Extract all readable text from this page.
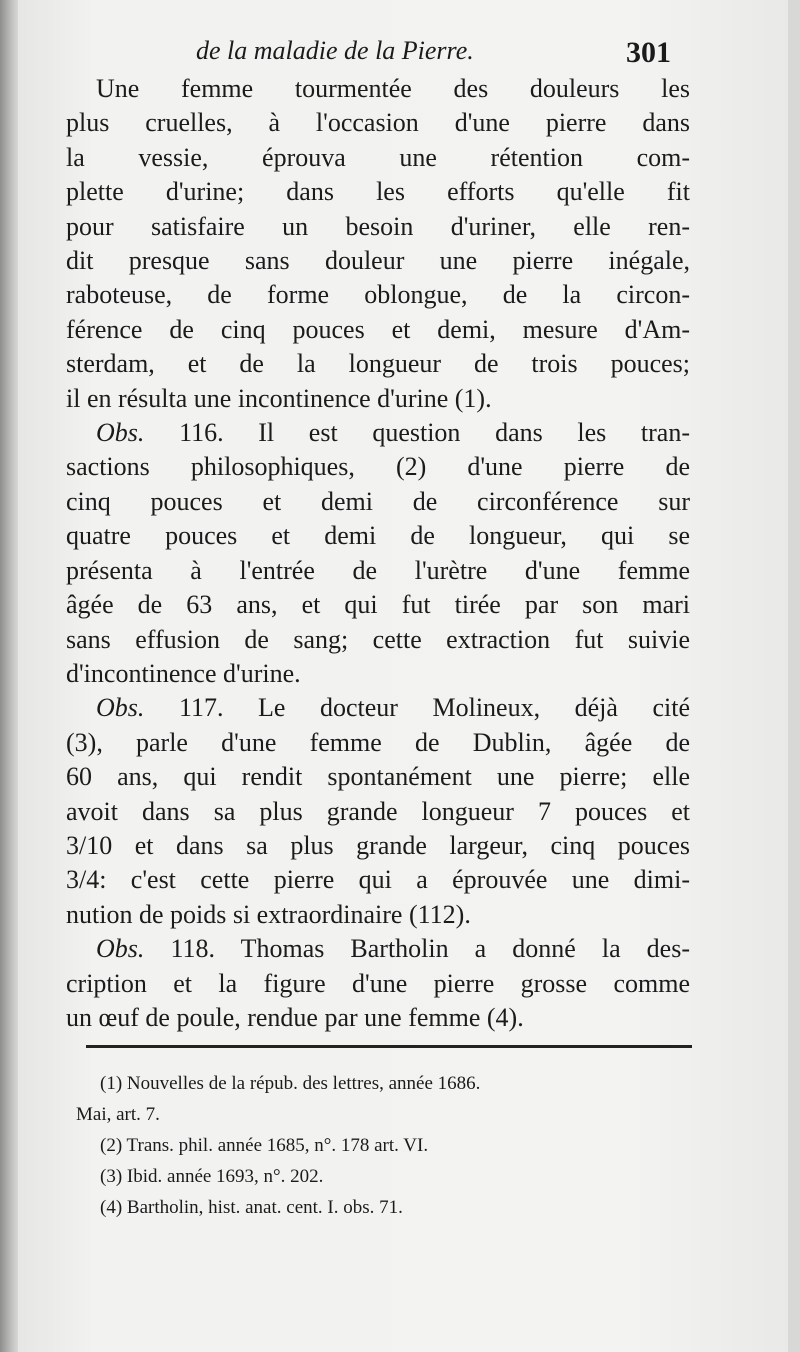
de la maladie de la Pierre.	301

Une femme tourmentée des douleurs les
plus cruelles, à l'occasion d'une pierre dans
la vessie, éprouva une rétention com-
plette d'urine; dans les efforts qu'elle fit
pour satisfaire un besoin d'uriner, elle ren-
dit presque sans douleur une pierre inégale,
raboteuse, de forme oblongue, de la circon-
férence de cinq pouces et demi, mesure d'Am-
sterdam, et de la longueur de trois pouces;
il en résulta une incontinence d'urine (1).

Obs. 116. Il est question dans les tran-
sactions philosophiques, (2) d'une pierre de
cinq pouces et demi de circonférence sur
quatre pouces et demi de longueur, qui se
présenta à l'entrée de l'urètre d'une femme
âgée de 63 ans, et qui fut tirée par son mari
sans effusion de sang; cette extraction fut suivie
d'incontinence d'urine.

Obs. 117. Le docteur Molineux, déjà cité
(3), parle d'une femme de Dublin, âgée de
60 ans, qui rendit spontanément une pierre; elle
avoit dans sa plus grande longueur 7 pouces et
3/10 et dans sa plus grande largeur, cinq pouces
3/4: c'est cette pierre qui a éprouvée une dimi-
nution de poids si extraordinaire (112).

Obs. 118. Thomas Bartholin a donné la des-
cription et la figure d'une pierre grosse comme
un œuf de poule, rendue par une femme (4).

(1) Nouvelles de la répub. des lettres, année 1686.
Mai, art. 7.
(2) Trans. phil. année 1685, n°. 178 art. VI.
(3) Ibid. année 1693, n°. 202.
(4) Bartholin, hist. anat. cent. I. obs. 71.
